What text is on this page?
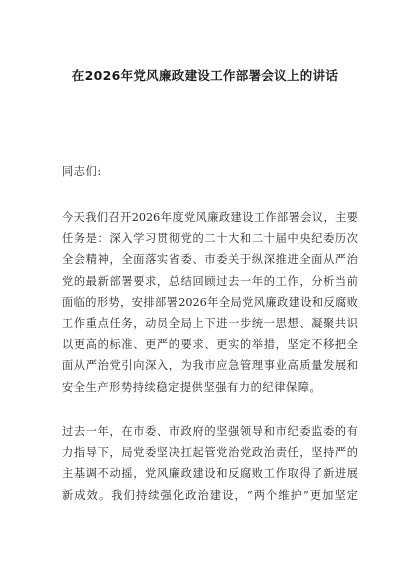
在2026年党风廉政建设工作部署会议上的讲话
同志们:
今天我们召开2026年度党风廉政建设工作部署会议，主要
任务是：深入学习贯彻党的二十大和二十届中央纪委历次
全会精神，全面落实省委、市委关于纵深推进全面从严治
党的最新部署要求，总结回顾过去一年的工作，分析当前
面临的形势，安排部署2026年全局党风廉政建设和反腐败
工作重点任务，动员全局上下进一步统一思想、凝聚共识
以更高的标准、更严的要求、更实的举措，坚定不移把全
面从严治党引向深入，为我市应急管理事业高质量发展和
安全生产形势持续稳定提供坚强有力的纪律保障。
过去一年，在市委、市政府的坚强领导和市纪委监委的有
力指导下，局党委坚决扛起管党治党政治责任，坚持严的
主基调不动摇，党风廉政建设和反腐败工作取得了新进展
新成效。我们持续强化政治建设，“两个维护”更加坚定
